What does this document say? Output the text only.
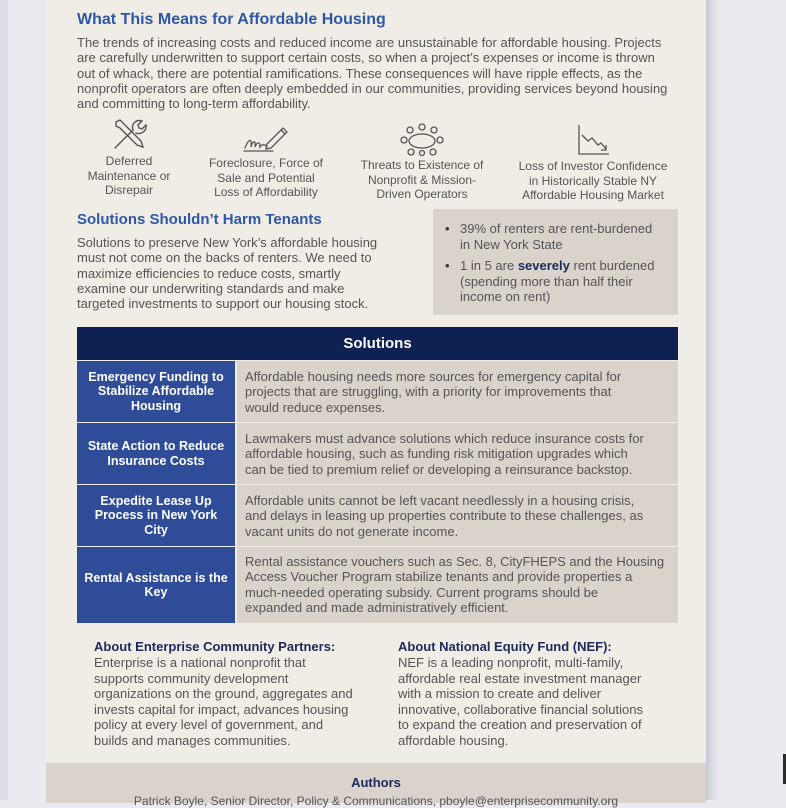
What This Means for Affordable Housing
The trends of increasing costs and reduced income are unsustainable for affordable housing. Projects
are carefully underwritten to support certain costs, so when a project’s expenses or income is thrown
out of whack, there are potential ramifications. These consequences will have ripple effects, as the
nonprofit operators are often deeply embedded in our communities, providing services beyond housing
and committing to long-term affordability.
Deferred
Maintenance or
Disrepair
Foreclosure, Force of
Sale and Potential
Loss of Affordability
Threats to Existence of
Nonprofit & Mission-
Driven Operators
Loss of Investor Confidence
in Historically Stable NY
Affordable Housing Market
Solutions Shouldn’t Harm Tenants
Solutions to preserve New York’s affordable housing
must not come on the backs of renters. We need to
maximize efficiencies to reduce costs, smartly
examine our underwriting standards and make
targeted investments to support our housing stock.
• 39% of renters are rent-burdened
in New York State
• 1 in 5 are severely rent burdened
(spending more than half their
income on rent)
Solutions
Emergency Funding to Stabilize Affordable Housing
Affordable housing needs more sources for emergency capital for
projects that are struggling, with a priority for improvements that
would reduce expenses.
State Action to Reduce Insurance Costs
Lawmakers must advance solutions which reduce insurance costs for
affordable housing, such as funding risk mitigation upgrades which
can be tied to premium relief or developing a reinsurance backstop.
Expedite Lease Up Process in New York City
Affordable units cannot be left vacant needlessly in a housing crisis,
and delays in leasing up properties contribute to these challenges, as
vacant units do not generate income.
Rental Assistance is the Key
Rental assistance vouchers such as Sec. 8, CityFHEPS and the Housing
Access Voucher Program stabilize tenants and provide properties a
much-needed operating subsidy. Current programs should be
expanded and made administratively efficient.
About Enterprise Community Partners:

Enterprise is a national nonprofit that
supports community development
organizations on the ground, aggregates and
invests capital for impact, advances housing
policy at every level of government, and
builds and manages communities.

About National Equity Fund (NEF):

NEF is a leading nonprofit, multi-family,
affordable real estate investment manager
with a mission to create and deliver
innovative, collaborative financial solutions
to expand the creation and preservation of
affordable housing.

Authors
Patrick Boyle, Senior Director, Policy & Communications, pboyle@enterprisecommunity.org
